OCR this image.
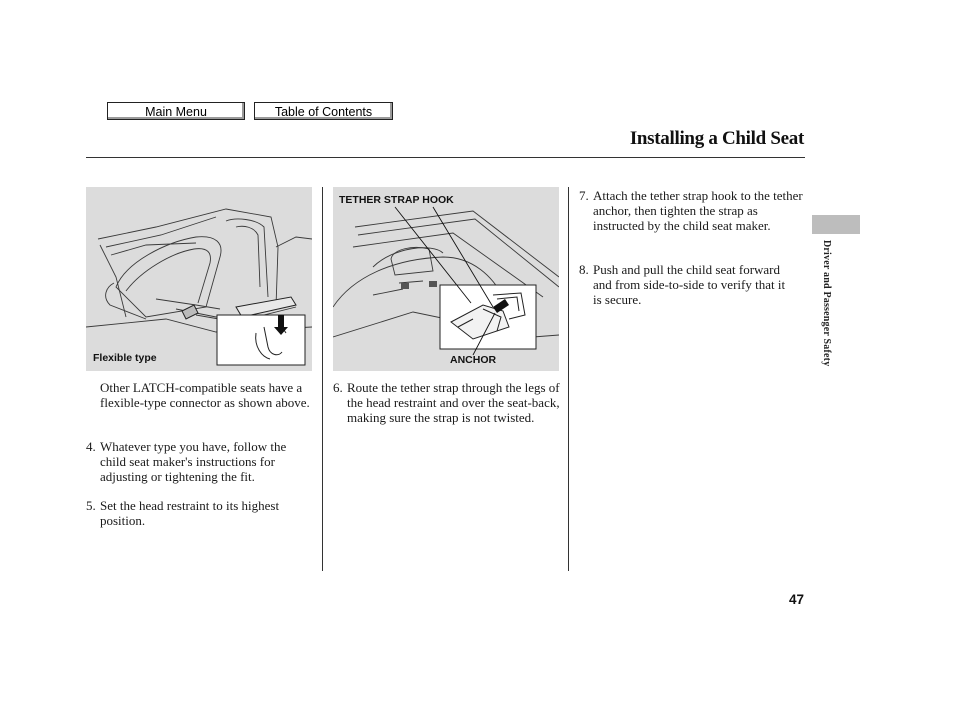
Main Menu	Table of Contents
Installing a Child Seat
Flexible type
TETHER STRAP HOOK
ANCHOR

Other LATCH-compatible seats have a flexible-type connector as shown above.

4. Whatever type you have, follow the child seat maker's instructions for adjusting or tightening the fit.
5. Set the head restraint to its highest position.
6. Route the tether strap through the legs of the head restraint and over the seat-back, making sure the strap is not twisted.
7. Attach the tether strap hook to the tether anchor, then tighten the strap as instructed by the child seat maker.
8. Push and pull the child seat forward and from side-to-side to verify that it is secure.	Driver and Passenger Safety
47
